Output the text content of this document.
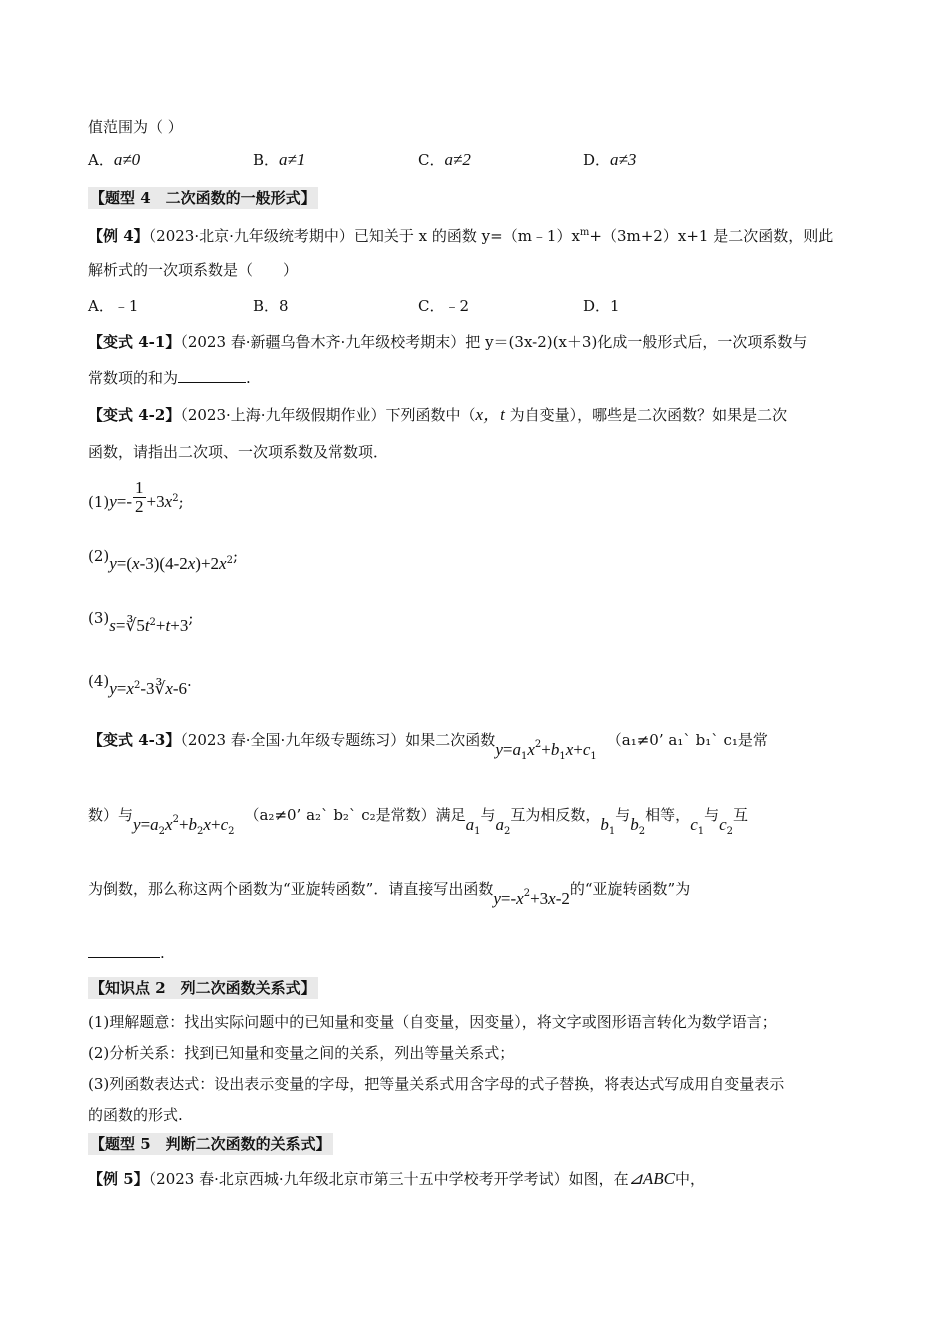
值范围为（ ）
A．a≠0	B．a≠1	C．a≠2	D．a≠3
【题型 4　二次函数的一般形式】
【例 4】（2023·北京·九年级统考期中）已知关于 x 的函数 $y=(m﹣1)x^m+(3m+2)x+1$ 是二次函数，则此
解析式的一次项系数是（　　）
A．﹣1	B．8	C．﹣2	D．1
【变式 4-1】（2023 春·新疆乌鲁木齐·九年级校考期末）把 y＝(3x-2)(x＋3)化成一般形式后，一次项系数与
常数项的和为	.
【变式 4-2】（2023·上海·九年级假期作业）下列函数中（x，t 为自变量），哪些是二次函数？如果是二次
函数，请指出二次项、一次项系数及常数项．
$(1)y=- \frac{1}{2} +3x^2$;
$(2)y=(x-3)(4-2x)+2x^2$;
$(3)s=∛5t^2+t+3$;
$(4)y=x^2-3∛x-6$.
【变式 4-3】（2023 春·全国·九年级专题练习）如果二次函数$y=a_1x^2+b_1x+c_1(a_1\ne 0$’ a₁` b₁` c₁是常
数）与$y=a_2x^2+b_2x+c_2(a_2\ne 0$’ a₂` b₂` c₂是常数）满足$a_1$与$a_2$互为相反数，$b_1$与$b_2$相等，$c_1$与$c_2$互
为倒数，那么称这两个函数为“亚旋转函数”．请直接写出函数$y=-x^2+3x-2$的“亚旋转函数”为
.
【知识点 2　列二次函数关系式】
(1)理解题意：找出实际问题中的已知量和变量（自变量，因变量），将文字或图形语言转化为数学语言；
(2)分析关系：找到已知量和变量之间的关系，列出等量关系式；
(3)列函数表达式：设出表示变量的字母，把等量关系式用含字母的式子替换，将表达式写成用自变量表示
的函数的形式.
【题型 5　判断二次函数的关系式】
【例 5】（2023 春·北京西城·九年级北京市第三十五中学校考开学考试）如图，在⊿ABC中，
